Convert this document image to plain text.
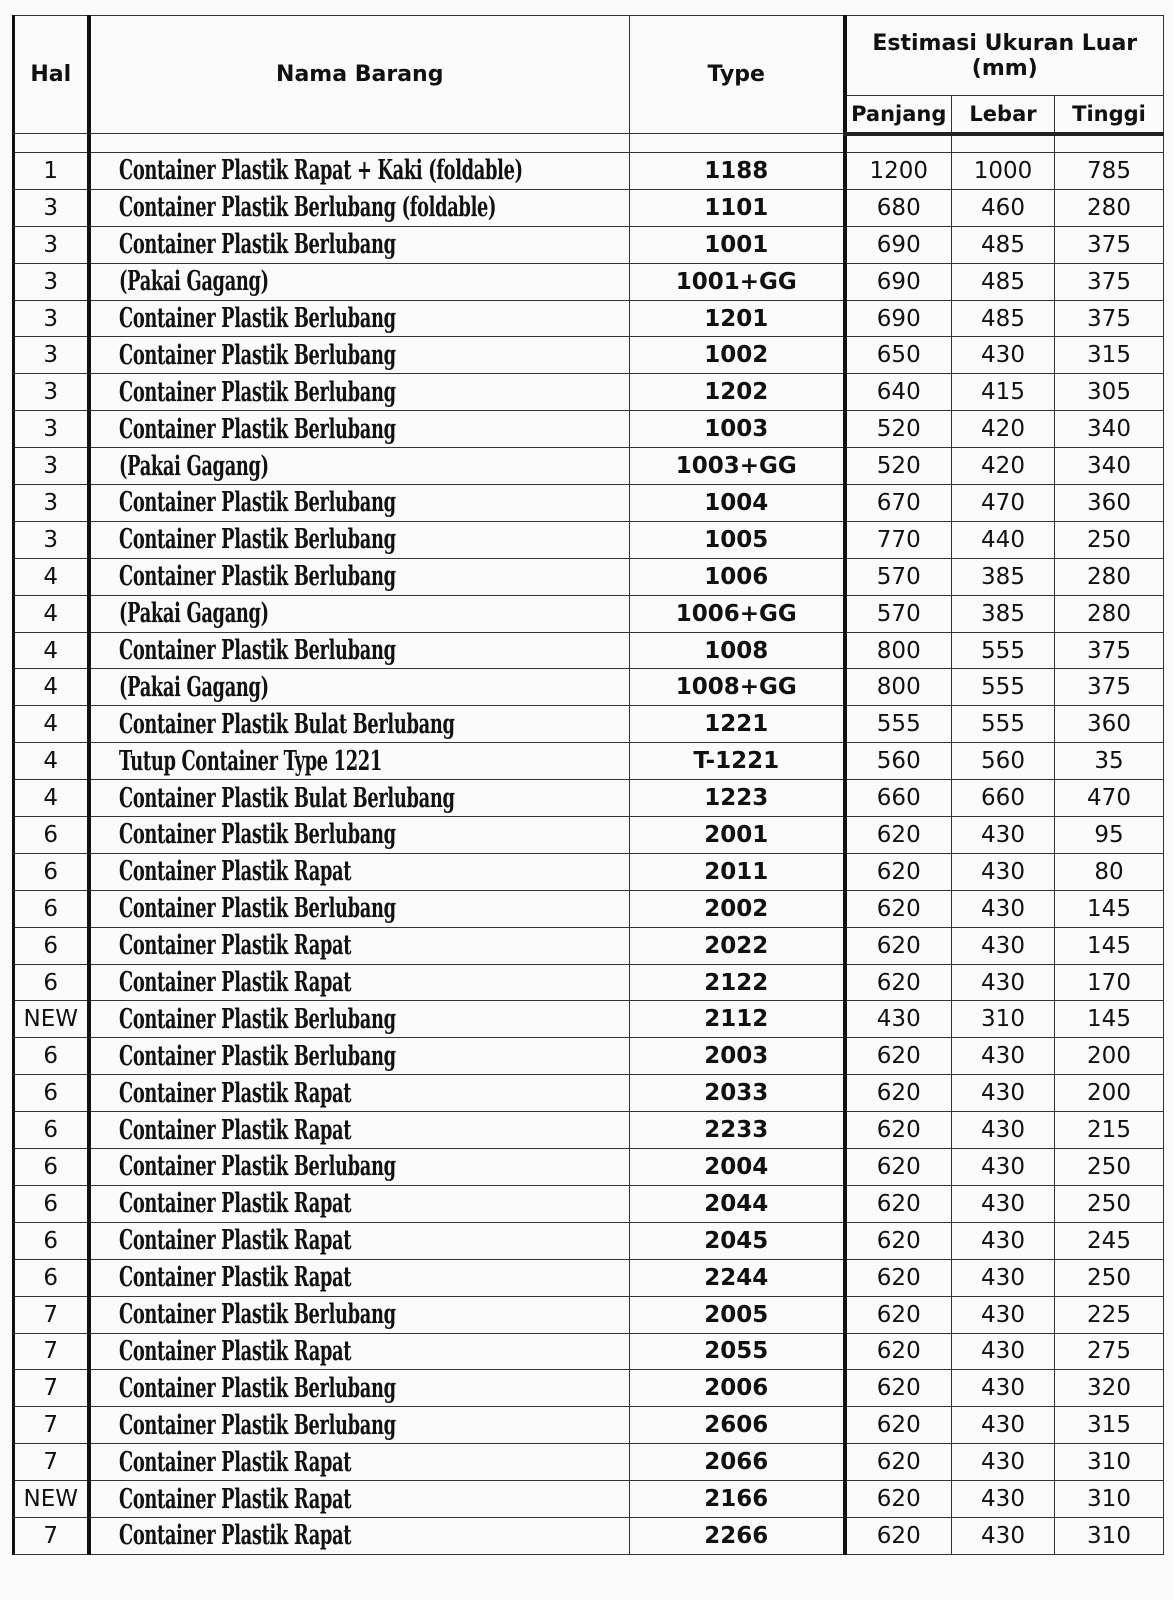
Hal	Nama Barang	Type	Estimasi Ukuran Luar
(mm)		

			Panjang	Lebar	Tinggi

1	Container Plastik Rapat + Kaki (foldable)	1188	1200	1000	785
3	Container Plastik Berlubang (foldable)	1101	680	460	280
3	Container Plastik Berlubang	1001	690	485	375
3	(Pakai Gagang)	1001+GG	690	485	375
3	Container Plastik Berlubang	1201	690	485	375
3	Container Plastik Berlubang	1002	650	430	315
3	Container Plastik Berlubang	1202	640	415	305
3	Container Plastik Berlubang	1003	520	420	340
3	(Pakai Gagang)	1003+GG	520	420	340
3	Container Plastik Berlubang	1004	670	470	360
3	Container Plastik Berlubang	1005	770	440	250
4	Container Plastik Berlubang	1006	570	385	280
4	(Pakai Gagang)	1006+GG	570	385	280
4	Container Plastik Berlubang	1008	800	555	375
4	(Pakai Gagang)	1008+GG	800	555	375
4	Container Plastik Bulat Berlubang	1221	555	555	360
4	Tutup Container Type 1221	T-1221	560	560	35
4	Container Plastik Bulat Berlubang	1223	660	660	470
6	Container Plastik Berlubang	2001	620	430	95
6	Container Plastik Rapat	2011	620	430	80
6	Container Plastik Berlubang	2002	620	430	145
6	Container Plastik Rapat	2022	620	430	145
6	Container Plastik Rapat	2122	620	430	170
NEW	Container Plastik Berlubang	2112	430	310	145
6	Container Plastik Berlubang	2003	620	430	200
6	Container Plastik Rapat	2033	620	430	200
6	Container Plastik Rapat	2233	620	430	215
6	Container Plastik Berlubang	2004	620	430	250
6	Container Plastik Rapat	2044	620	430	250
6	Container Plastik Rapat	2045	620	430	245
6	Container Plastik Rapat	2244	620	430	250
7	Container Plastik Berlubang	2005	620	430	225
7	Container Plastik Rapat	2055	620	430	275
7	Container Plastik Berlubang	2006	620	430	320
7	Container Plastik Berlubang	2606	620	430	315
7	Container Plastik Rapat	2066	620	430	310
NEW	Container Plastik Rapat	2166	620	430	310
7	Container Plastik Rapat	2266	620	430	310
